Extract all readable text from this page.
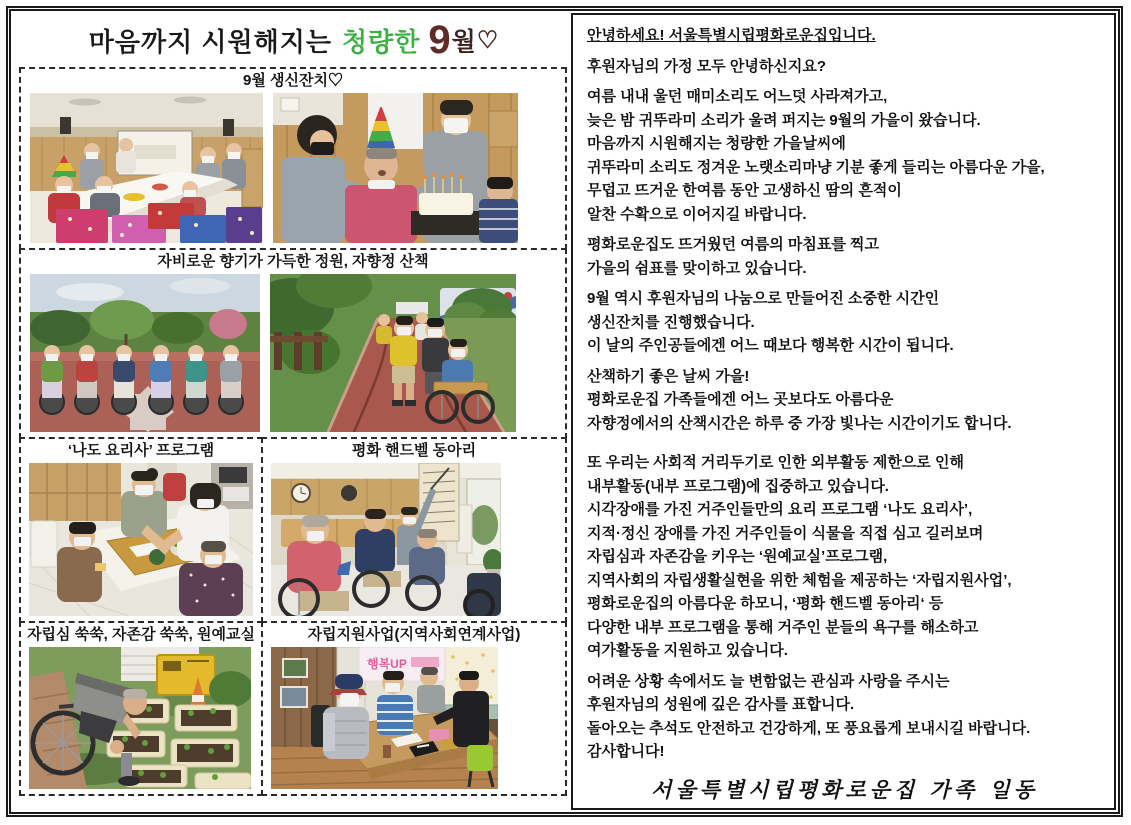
마음까지 시원해지는 청량한 9 월 ♡
9월 생신잔치♡
자비로운 향기가 가득한 정원, 자향정 산책
‘나도 요리사’ 프로그램	평화 핸드벨 동아리
자립심 쑥쑥, 자존감 쑥쑥, 원예교실	자립지원사업(지역사회연계사업)
행복UP
안녕하세요! 서울특별시립평화로운집입니다.
후원자님의 가정 모두 안녕하신지요?
여름 내내 울던 매미소리도 어느덧 사라져가고,
늦은 밤 귀뚜라미 소리가 울려 퍼지는 9월의 가을이 왔습니다.
마음까지 시원해지는 청량한 가을날씨에
귀뚜라미 소리도 정겨운 노랫소리마냥 기분 좋게 들리는 아름다운 가을,
무덥고 뜨거운 한여름 동안 고생하신 땀의 흔적이
알찬 수확으로 이어지길 바랍니다.
평화로운집도 뜨거웠던 여름의 마침표를 찍고
가을의 쉼표를 맞이하고 있습니다.
9월 역시 후원자님의 나눔으로 만들어진 소중한 시간인
생신잔치를 진행했습니다.
이 날의 주인공들에겐 어느 때보다 행복한 시간이 됩니다.
산책하기 좋은 날씨 가을!
평화로운집 가족들에겐 어느 곳보다도 아름다운
자향정에서의 산책시간은 하루 중 가장 빛나는 시간이기도 합니다.
또 우리는 사회적 거리두기로 인한 외부활동 제한으로 인해
내부활동(내부 프로그램)에 집중하고 있습니다.
시각장애를 가진 거주인들만의 요리 프로그램 ‘나도 요리사’,
지적·정신 장애를 가진 거주인들이 식물을 직접 심고 길러보며
자립심과 자존감을 키우는 ‘원예교실’프로그램,
지역사회의 자립생활실현을 위한 체험을 제공하는 ‘자립지원사업’,
평화로운집의 아름다운 하모니, ‘평화 핸드벨 동아리‘ 등
다양한 내부 프로그램을 통해 거주인 분들의 욕구를 해소하고
여가활동을 지원하고 있습니다.
어려운 상황 속에서도 늘 변함없는 관심과 사랑을 주시는
후원자님의 성원에 깊은 감사를 표합니다.
돌아오는 추석도 안전하고 건강하게, 또 풍요롭게 보내시길 바랍니다.
감사합니다!
서울특별시립평화로운집 가족 일동
